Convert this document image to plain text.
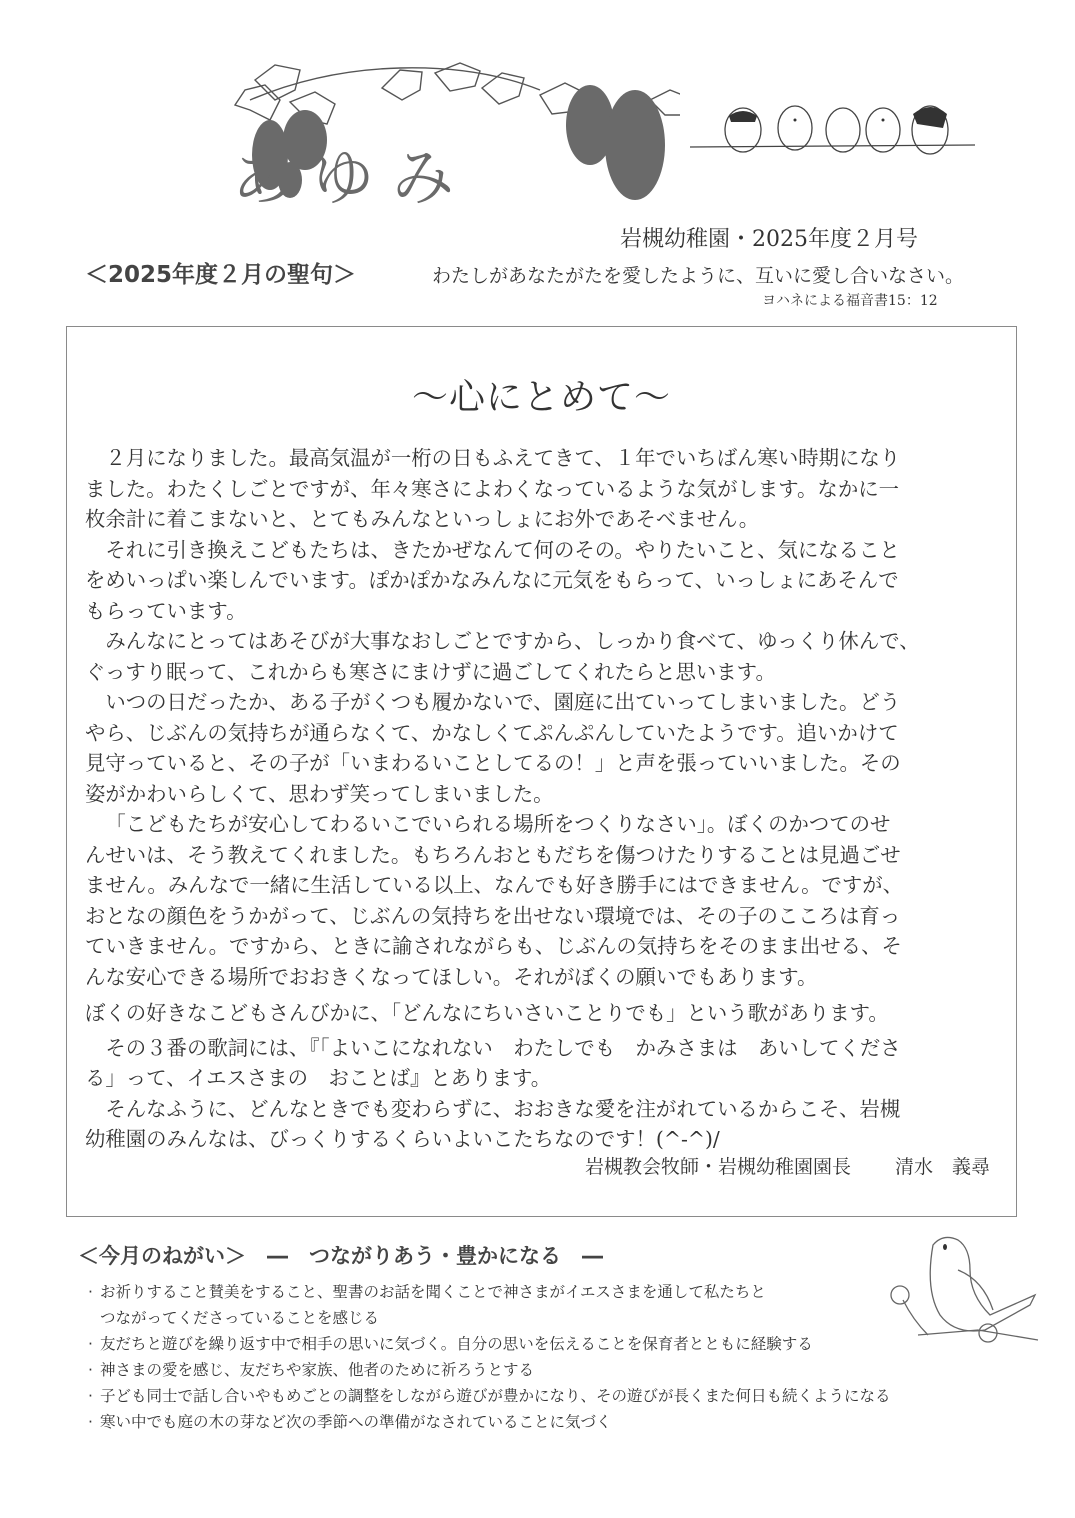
あゆみ
岩槻幼稚園・2025年度２月号
＜2025年度２月の聖句＞	わたしがあなたがたを愛したように、互いに愛し合いなさい。
ヨハネによる福音書15：12
～心にとめて～

２月になりました。最高気温が一桁の日もふえてきて、１年でいちばん寒い時期になり
ました。わたくしごとですが、年々寒さによわくなっているような気がします。なかに一
枚余計に着こまないと、とてもみんなといっしょにお外であそべません。

それに引き換えこどもたちは、きたかぜなんて何のその。やりたいこと、気になること
をめいっぱい楽しんでいます。ぽかぽかなみんなに元気をもらって、いっしょにあそんで
もらっています。

みんなにとってはあそびが大事なおしごとですから、しっかり食べて、ゆっくり休んで、
ぐっすり眠って、これからも寒さにまけずに過ごしてくれたらと思います。

いつの日だったか、ある子がくつも履かないで、園庭に出ていってしまいました。どう
やら、じぶんの気持ちが通らなくて、かなしくてぷんぷんしていたようです。追いかけて
見守っていると、その子が「いまわるいことしてるの！」と声を張っていいました。その
姿がかわいらしくて、思わず笑ってしまいました。

「こどもたちが安心してわるいこでいられる場所をつくりなさい」。ぼくのかつてのせ
んせいは、そう教えてくれました。もちろんおともだちを傷つけたりすることは見過ごせ
ません。みんなで一緒に生活している以上、なんでも好き勝手にはできません。ですが、
おとなの顔色をうかがって、じぶんの気持ちを出せない環境では、その子のこころは育っ
ていきません。ですから、ときに諭されながらも、じぶんの気持ちをそのまま出せる、そ
んな安心できる場所でおおきくなってほしい。それがぼくの願いでもあります。

ぼくの好きなこどもさんびかに、「どんなにちいさいことりでも」という歌があります。

その３番の歌詞には、『「よいこになれない　わたしでも　かみさまは　あいしてくださ
る」って、イエスさまの　おことば』とあります。

そんなふうに、どんなときでも変わらずに、おおきな愛を注がれているからこそ、岩槻
幼稚園のみんなは、びっくりするくらいよいこたちなのです！(^-^)/

岩槻教会牧師・岩槻幼稚園園長 清水　義尋
＜今月のねがい＞　―　つながりあう・豊かになる　―
· お祈りすること賛美をすること、聖書のお話を聞くことで神さまがイエスさまを通して私たちと
つながってくださっていることを感じる
· 友だちと遊びを繰り返す中で相手の思いに気づく。自分の思いを伝えることを保育者とともに経験する
· 神さまの愛を感じ、友だちや家族、他者のために祈ろうとする
· 子ども同士で話し合いやもめごとの調整をしながら遊びが豊かになり、その遊びが長くまた何日も続くようになる
· 寒い中でも庭の木の芽など次の季節への準備がなされていることに気づく
